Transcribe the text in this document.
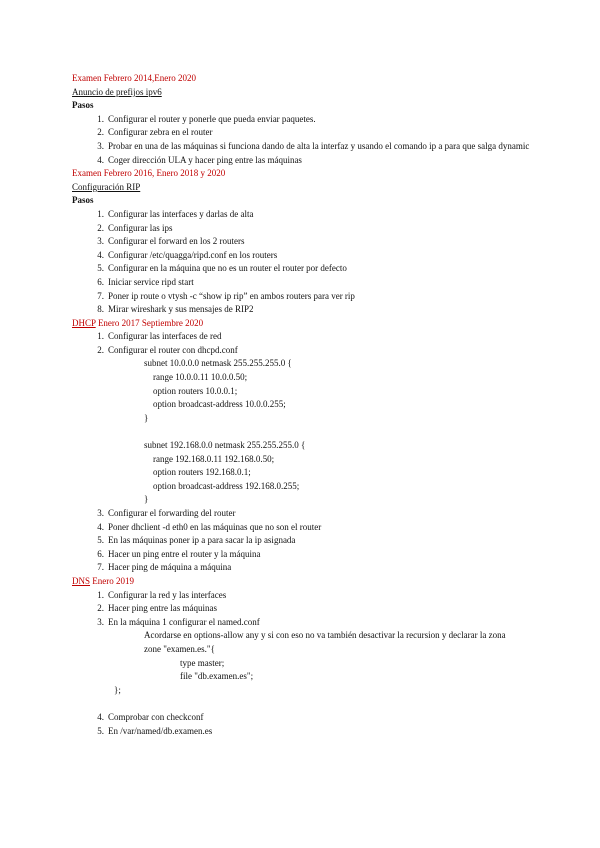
Examen Febrero 2014,Enero 2020
Anuncio de prefijos ipv6
Pasos
1. Configurar el router y ponerle que pueda enviar paquetes.
2. Configurar zebra en el router
3. Probar en una de las máquinas si funciona dando de alta la interfaz y usando el comando ip a para que salga dynamic
4. Coger dirección ULA y hacer ping entre las máquinas
Examen Febrero 2016, Enero 2018 y 2020
Configuración RIP
Pasos
1. Configurar las interfaces y darlas de alta
2. Configurar las ips
3. Configurar el forward en los 2 routers
4. Configurar /etc/quagga/ripd.conf en los routers
5. Configurar en la máquina que no es un router el router por defecto
6. Iniciar service ripd start
7. Poner ip route o vtysh -c “show ip rip” en ambos routers para ver rip
8. Mirar wireshark y sus mensajes de RIP2
DHCP Enero 2017 Septiembre 2020
1. Configurar las interfaces de red
2. Configurar el router con dhcpd.conf
subnet 10.0.0.0 netmask 255.255.255.0 {
range 10.0.0.11 10.0.0.50;
option routers 10.0.0.1;
option broadcast-address 10.0.0.255;
}
subnet 192.168.0.0 netmask 255.255.255.0 {
range 192.168.0.11 192.168.0.50;
option routers 192.168.0.1;
option broadcast-address 192.168.0.255;
}
3. Configurar el forwarding del router
4. Poner dhclient -d eth0 en las máquinas que no son el router
5. En las máquinas poner ip a para sacar la ip asignada
6. Hacer un ping entre el router y la máquina
7. Hacer ping de máquina a máquina
DNS Enero 2019
1. Configurar la red y las interfaces
2. Hacer ping entre las máquinas
3. En la máquina 1 configurar el named.conf
Acordarse en options-allow any y si con eso no va también desactivar la recursion y declarar la zona
zone "examen.es."{
type master;
file "db.examen.es";
};
4. Comprobar con checkconf
5. En /var/named/db.examen.es
